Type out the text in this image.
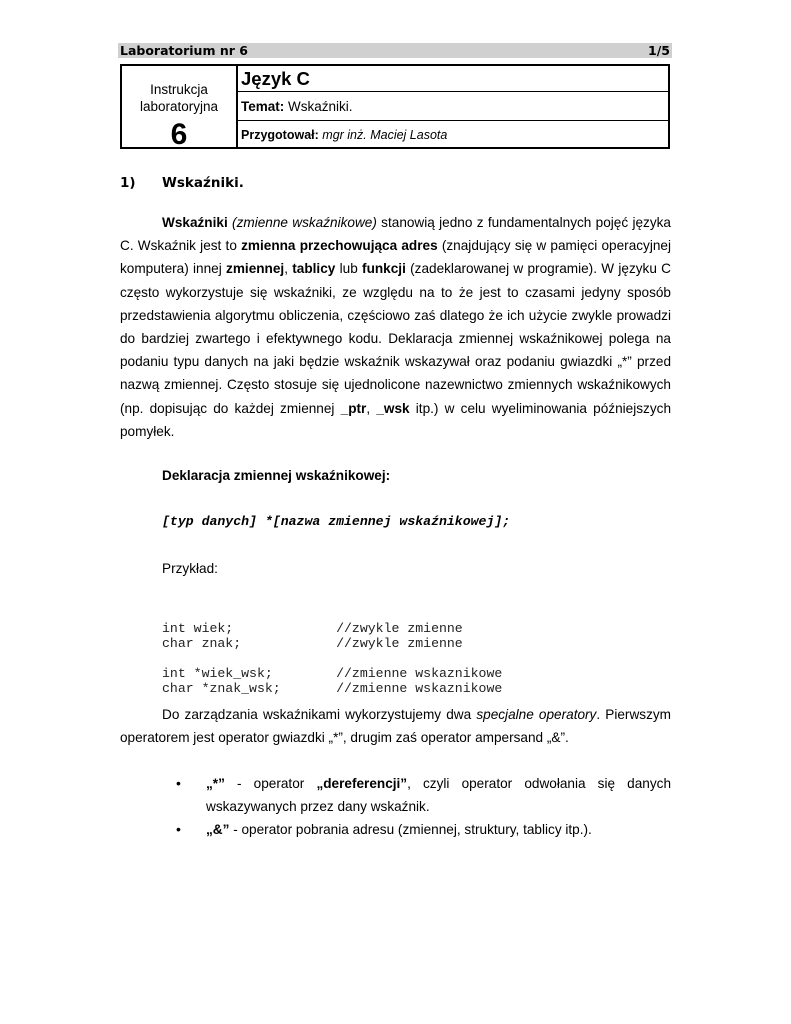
Laboratorium nr 6	1/5
Instrukcja
laboratoryjna
6
Język C
Temat: Wskaźniki.
Przygotował: mgr inż. Maciej Lasota
1) Wskaźniki.
Wskaźniki (zmienne wskaźnikowe) stanowią jedno z fundamentalnych pojęć języka C. Wskaźnik jest to zmienna przechowująca adres (znajdujący się w pamięci operacyjnej komputera) innej zmiennej, tablicy lub funkcji (zadeklarowanej w programie). W języku C często wykorzystuje się wskaźniki, ze względu na to że jest to czasami jedyny sposób przedstawienia algorytmu obliczenia, częściowo zaś dlatego że ich użycie zwykle prowadzi do bardziej zwartego i efektywnego kodu. Deklaracja zmiennej wskaźnikowej polega na podaniu typu danych na jaki będzie wskaźnik wskazywał oraz podaniu gwiazdki „*” przed nazwą zmiennej. Często stosuje się ujednolicone nazewnictwo zmiennych wskaźnikowych (np. dopisując do każdej zmiennej _ptr, _wsk itp.) w celu wyeliminowania późniejszych pomyłek.
Deklaracja zmiennej wskaźnikowej:
[typ danych] *[nazwa zmiennej wskaźnikowej];
Przykład:

int wiek;             //zwykle zmienne
char znak;            //zwykle zmienne

int *wiek_wsk;        //zmienne wskaznikowe
char *znak_wsk;       //zmienne wskaznikowe
Do zarządzania wskaźnikami wykorzystujemy dwa specjalne operatory. Pierwszym operatorem jest operator gwiazdki „*”, drugim zaś operator ampersand „&”.
• „*” - operator „dereferencji”, czyli operator odwołania się danych wskazywanych przez dany wskaźnik.
• „&” - operator pobrania adresu (zmiennej, struktury, tablicy itp.).
